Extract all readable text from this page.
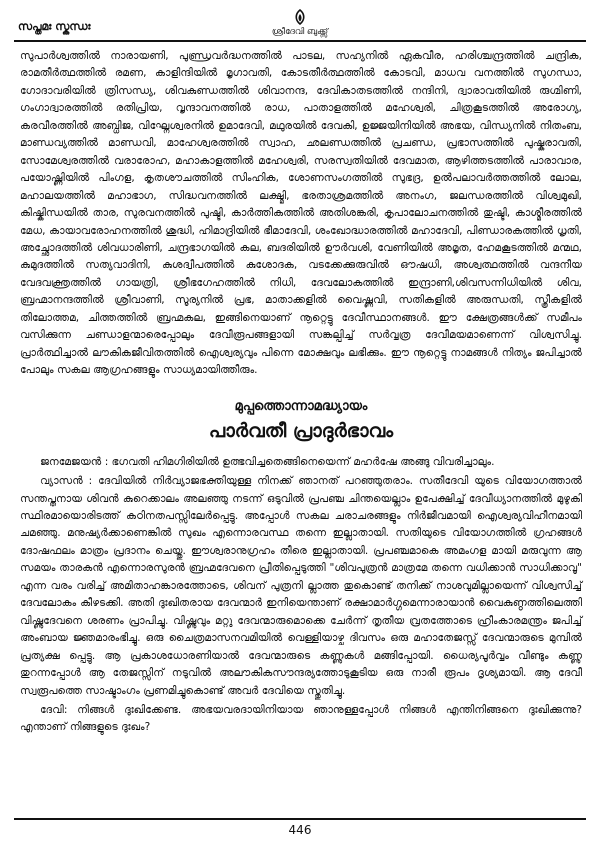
സപ്തമഃ സ്കന്ധഃ	ശ്രീദേവി ബുക്ക്സ്

സുപാർശ്വത്തിൽ നാരായണി, പുണ്ഡ്രവർദ്ധനത്തിൽ പാടല, സഹ്യനിൽ ഏകവീര, ഹരിശ്ചന്ദ്രത്തിൽ ചന്ദ്രിക, രാമതീർത്ഥത്തിൽ രമണ, കാളിന്ദിയിൽ മൃഗാവതി, കോടതീർത്ഥത്തിൽ കോടവി, മാധവ വനത്തിൽ സുഗന്ധാ, ഗോദാവരിയിൽ ത്രിസന്ധ്യ, ശിവകുണ്ഡത്തിൽ ശിവാനന്ദ, ദേവികാതടത്തിൽ നന്ദിനി, ദ്വാരാവതിയിൽ രുഗ്മിണി, ഗംഗാദ്വാരത്തിൽ രതിപ്രിയ, വൃന്ദാവനത്തിൽ രാധ, പാതാളത്തിൽ മഹേശ്വരി, ചിത്രകൂടത്തിൽ അരോഗ്യ, കരവീരത്തിൽ അബ്ധിജ, വിഘ്നേശ്വരനിൽ ഉമാദേവി, മഥുരയിൽ ദേവകി, ഉജ്ജയിനിയിൽ അഭയ, വിന്ധ്യനിൽ നിതംബ, മാണ്ഡവ്യത്തിൽ മാണ്ഡവി, മാഹേശ്വരത്തിൽ സ്വാഹ, ഛലണ്ഡത്തിൽ പ്രചണ്ഡ, പ്രഭാസത്തിൽ പുഷ്കരാവതി, സോമേശ്വരത്തിൽ വരാരോഹ, മഹാകാളത്തിൽ മഹേശ്വരി, സരസ്വതിയിൽ ദേവമാത, ആഴിത്തടത്തിൽ പാരാവാര, പയോഷ്ണിയിൽ പിംഗള, കൃതശൗചത്തിൽ സിംഹിക, ശോണസംഗത്തിൽ സുഭദ്ര, ഉൽപലാവർത്തത്തിൽ ലോല, മഹാലയത്തിൽ മഹാഭാഗ, സിദ്ധവനത്തിൽ ലക്ഷ്മി, ഭരതാശ്രമത്തിൽ അനംഗ, ജലന്ധരത്തിൽ വിശ്വമുഖി, കിഷ്കിന്ധയിൽ താര, സുരവനത്തിൽ പുഷ്ടി, കാർത്തികത്തിൽ അതിശങ്കരി, കൃപാലോചനത്തിൽ തുഷ്ടി, കാശ്മീരത്തിൽ മേധ, കായാവരോഹനത്തിൽ ശുദ്ധി, ഹിമാദ്രിയിൽ ഭീമാദേവി, ശംഖോദ്ധാരത്തിൽ മഹാദേവി, പിണ്ഡാരകത്തിൽ ധൃതി, അച്ഛോദത്തിൽ ശിവധാരിണി, ചന്ദ്രഭാഗയിൽ കല, ബദരിയിൽ ഊർവശി, വേണിയിൽ അമൃത, ഹേമകൂടത്തിൽ മന്മഥ, കുമുദത്തിൽ സത്യവാദിനി, കുശദ്വീപത്തിൽ കുശോദക, വടക്കേക്കുരുവിൽ ഔഷധി, അശ്വത്ഥത്തിൽ വന്ദനീയ വേദവക്ത്രത്തിൽ ഗായത്രി, ശ്രീഭഗേഹത്തിൽ നിധി, ദേവലോകത്തിൽ ഇന്ദ്രാണി,ശിവസന്നിധിയിൽ ശിവ, ബ്രഹ്മാനന്ദത്തിൽ ശ്രീവാണി, സൂര്യനിൽ പ്രഭ, മാതാക്കളിൽ വൈഷ്ണവി, സതികളിൽ അരുന്ധതി, സ്ത്രീകളിൽ തിലോത്തമ, ചിത്തത്തിൽ ബ്രഹ്മകല, ഇങ്ങിനെയാണ് നൂറ്റെട്ടു ദേവീസ്ഥാനങ്ങൾ. ഈ ക്ഷേത്രങ്ങൾക്ക് സമീപം വസിക്കുന്ന ചണ്ഡാളന്മാരെപ്പോലും ദേവീരൂപങ്ങളായി സങ്കല്പിച്ച് സർവ്വത്ര ദേവീമയമാണെന്ന് വിശ്വസിച്ചു. പ്രാർത്ഥിച്ചാൽ ലൗകികജീവിതത്തിൽ ഐശ്വര്യവും പിന്നെ മോക്ഷവും ലഭിക്കും. ഈ നൂറ്റെട്ടു നാമങ്ങൾ നിത്യം ജപിച്ചാൽ പോലും സകല ആഗ്രഹങ്ങളും സാധ്യമായിത്തീരും.

മുപ്പത്തൊന്നാമദ്ധ്യായം
പാർവതീ പ്രാദുർഭാവം

ജനമേജയൻ : ഭഗവതി ഹിമഗിരിയിൽ ഉത്ഭവിച്ചതെങ്ങിനെയെന്ന് മഹർഷേ അങ്ങു വിവരിച്ചാലും.

വ്യാസൻ : ദേവിയിൽ നിർവ്യാജഭക്തിയുള്ള നിനക്ക് ഞാനത് പറഞ്ഞുതരാം. സതീദേവി യുടെ വിയോഗത്താൽ സന്തപ്തനായ ശിവൻ കുറെക്കാലം അലഞ്ഞു നടന്ന് ഒടുവിൽ പ്രപഞ്ച ചിന്തയെല്ലാം ഉപേക്ഷിച്ച് ദേവീധ്യാനത്തിൽ മുഴുകി സ്ഥിരമായൊരിടത്ത് കഠിനതപസ്സിലേർപ്പെട്ടു. അപ്പോൾ സകല ചരാചരങ്ങളും നിർജീവമായി ഐശ്വര്യവിഹീനമായി ചമഞ്ഞു. മനുഷ്യർക്കാണെങ്കിൽ സുഖം എന്നൊരവസ്ഥ തന്നെ ഇല്ലാതായി. സതിയുടെ വിയോഗത്തിൽ ഗ്രഹങ്ങൾ ദോഷഫലം മാത്രം പ്രദാനം ചെയ്തു. ഈശ്വരാനുഗ്രഹം തീരെ ഇല്ലാതായി. പ്രപഞ്ചമാകെ അമംഗള മായി മരുവുന്ന ആ സമയം താരകൻ എന്നൊരസുരൻ ബ്രഹ്മദേവനെ പ്രീതിപ്പെടുത്തി "ശിവപുത്രൻ മാത്രമേ തന്നെ വധിക്കാൻ സാധിക്കാവൂ" എന്ന വരം വരിച്ച് അമിതാഹങ്കാരത്തോടെ, ശിവന് പുത്രനി ല്ലാത്ത തുകൊണ്ട് തനിക്ക് നാശവുമില്ലായെന്ന് വിശ്വസിച്ച് ദേവലോകം കീഴടക്കി. അതി ദുഃഖിതരായ ദേവന്മാർ ഇനിയെന്താണ് രക്ഷാമാർഗ്ഗമെന്നാരായാൻ വൈകുണ്ഠത്തിലെത്തി വിഷ്ണുദേവനെ ശരണം പ്രാപിച്ചു. വിഷ്ണുവും മറ്റു ദേവന്മാരുമൊക്കെ ചേർന്ന് തൃതീയ വ്രതത്തോടെ ഹ്രീംകാരമന്ത്രം ജപിച്ച് അംബായ ജ്ഞമാരംഭിച്ചു. ഒരു ചൈത്രമാസനവമിയിൽ വെള്ളിയാഴ്ച ദിവസം ഒരു മഹാതേജസ്സ് ദേവന്മാരുടെ മുമ്പിൽ പ്രത്യക്ഷ പ്പെട്ടു. ആ പ്രകാശധോരണിയാൽ ദേവന്മാരുടെ കണ്ണുകൾ മങ്ങിപ്പോയി. ധൈര്യപൂർവ്വം വീണ്ടും കണ്ണു തുറന്നപ്പോൾ ആ തേജസ്സിന് നടുവിൽ അലൗകികസൗന്ദര്യത്തോടുകൂടിയ ഒരു നാരീ രൂപം ദൃശ്യമായി. ആ ദേവീ സ്വരൂപത്തെ സാഷ്ടാംഗം പ്രണമിച്ചുകൊണ്ട് അവർ ദേവിയെ സ്തുതിച്ചു.

ദേവി: നിങ്ങൾ ദുഃഖിക്കേണ്ട. അഭയവരദായിനിയായ ഞാനുള്ളപ്പോൾ നിങ്ങൾ എന്തിനിങ്ങനെ ദുഃഖിക്കുന്നു? എന്താണ് നിങ്ങളുടെ ദുഃഖം?

446
